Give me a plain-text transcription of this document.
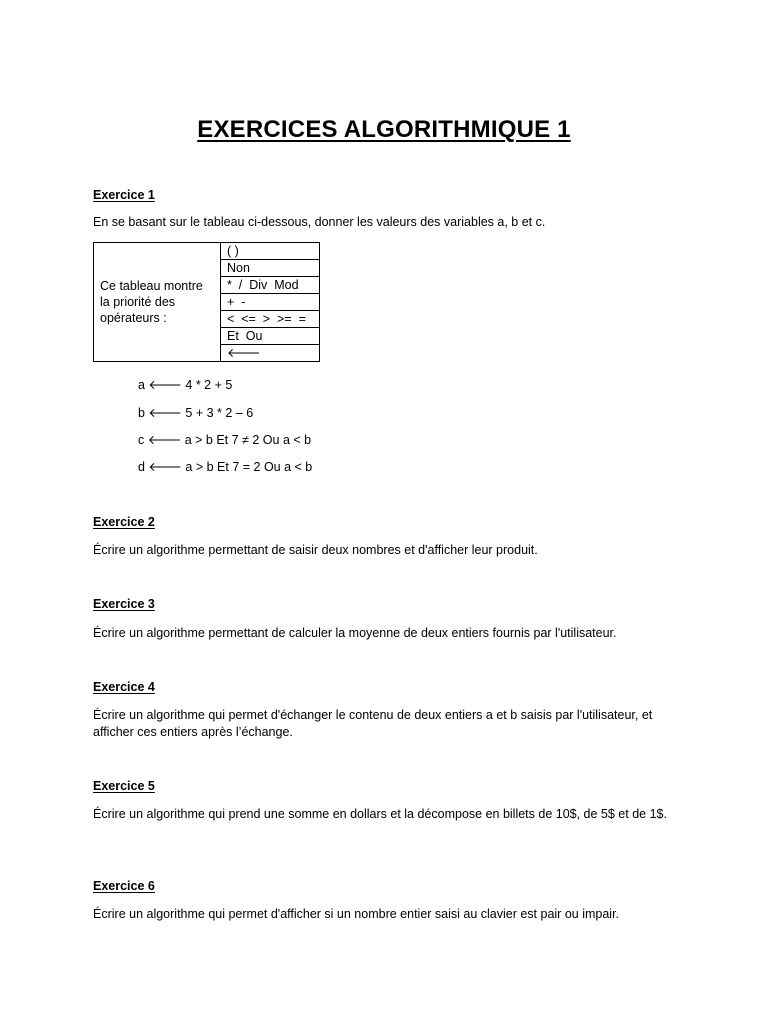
EXERCICES ALGORITHMIQUE 1
Exercice 1
En se basant sur le tableau ci-dessous, donner les valeurs des variables a, b et c.
Ce tableau montre
la priorité des
opérateurs :
	( )
Non
*  /  Div  Mod
+  -
<  <=  >  >=  =
Et  Ou
🡐
a 🡐 4 * 2 + 5
b 🡐 5 + 3 * 2 – 6
c 🡐 a > b Et 7 ≠ 2 Ou a < b
d 🡐 a > b Et 7 = 2 Ou a < b
Exercice 2
Écrire un algorithme permettant de saisir deux nombres et d'afficher leur produit.
Exercice 3
Écrire un algorithme permettant de calculer la moyenne de deux entiers fournis par l'utilisateur.
Exercice 4
Écrire un algorithme qui permet d'échanger le contenu de deux entiers a et b saisis par l'utilisateur, et afficher ces entiers après l’échange.
Exercice 5
Écrire un algorithme qui prend une somme en dollars et la décompose en billets de 10$, de 5$ et de 1$.
Exercice 6
Écrire un algorithme qui permet d'afficher si un nombre entier saisi au clavier est pair ou impair.
